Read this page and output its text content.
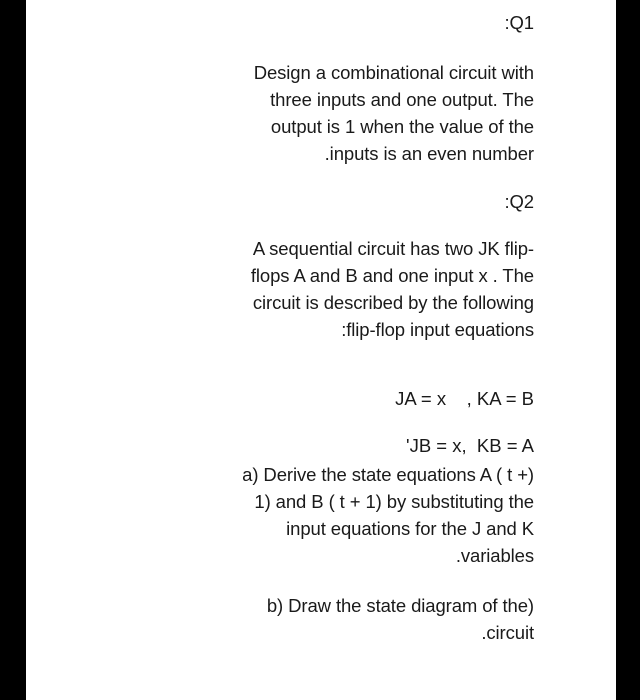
:Q1

Design a combinational circuit with

three inputs and one output. The

output is 1 when the value of the

.inputs is an even number

:Q2

A sequential circuit has two JK flip-

flops A and B and one input x . The

circuit is described by the following

:flip-flop input equations

JA = x    , KA = B

'JB = x,  KB = A

a) Derive the state equations A ( t +)

1) and B ( t + 1) by substituting the

input equations for the J and K

.variables

b) Draw the state diagram of the)

.circuit
